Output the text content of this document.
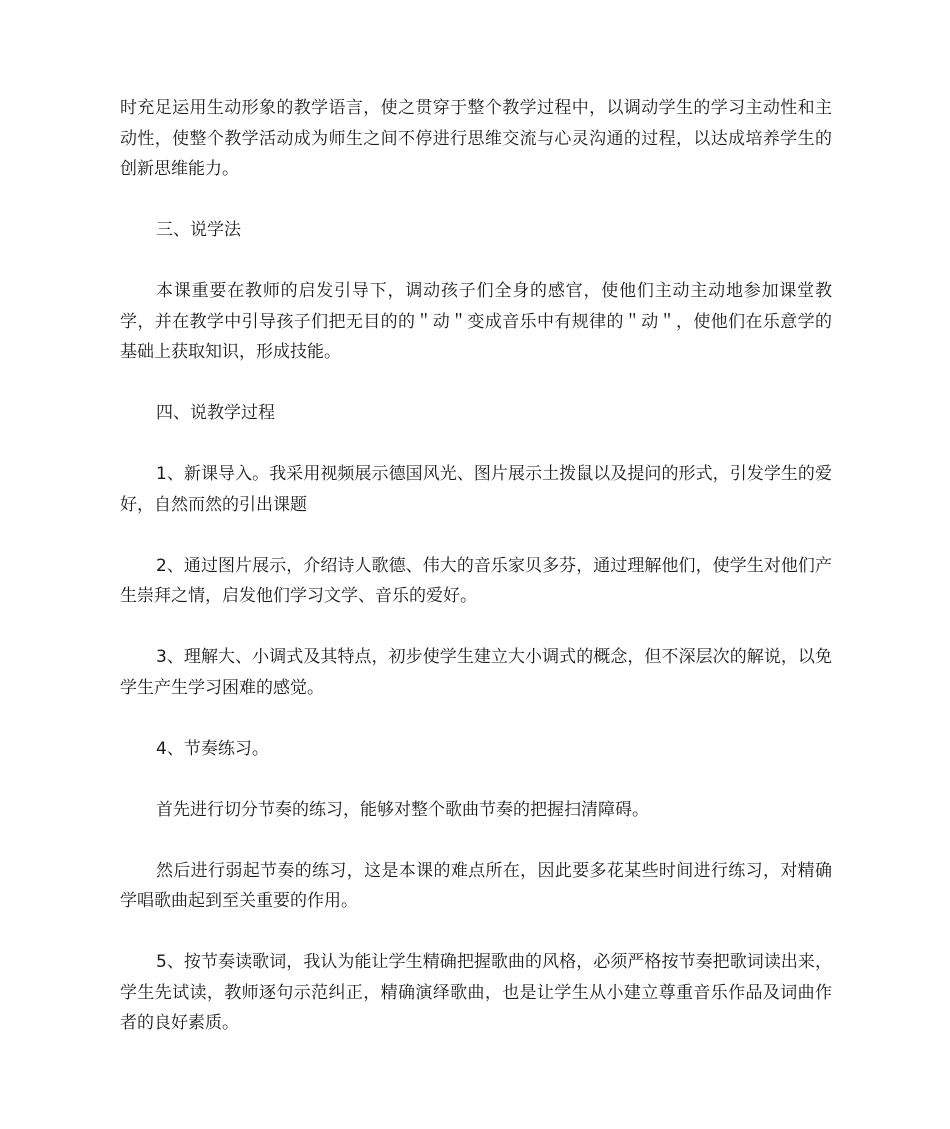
时充足运用生动形象的教学语言，使之贯穿于整个教学过程中，以调动学生的学习主动性和主动性，使整个教学活动成为师生之间不停进行思维交流与心灵沟通的过程，以达成培养学生的创新思维能力。

三、说学法

本课重要在教师的启发引导下，调动孩子们全身的感官，使他们主动主动地参加课堂教学，并在教学中引导孩子们把无目的的＂动＂变成音乐中有规律的＂动＂，使他们在乐意学的基础上获取知识，形成技能。

四、说教学过程

1、新课导入。我采用视频展示德国风光、图片展示土拨鼠以及提问的形式，引发学生的爱好，自然而然的引出课题

2、通过图片展示，介绍诗人歌德、伟大的音乐家贝多芬，通过理解他们，使学生对他们产生崇拜之情，启发他们学习文学、音乐的爱好。

3、理解大、小调式及其特点，初步使学生建立大小调式的概念，但不深层次的解说，以免学生产生学习困难的感觉。

4、节奏练习。

首先进行切分节奏的练习，能够对整个歌曲节奏的把握扫清障碍。

然后进行弱起节奏的练习，这是本课的难点所在，因此要多花某些时间进行练习，对精确学唱歌曲起到至关重要的作用。

5、按节奏读歌词，我认为能让学生精确把握歌曲的风格，必须严格按节奏把歌词读出来，学生先试读，教师逐句示范纠正，精确演绎歌曲，也是让学生从小建立尊重音乐作品及词曲作者的良好素质。
